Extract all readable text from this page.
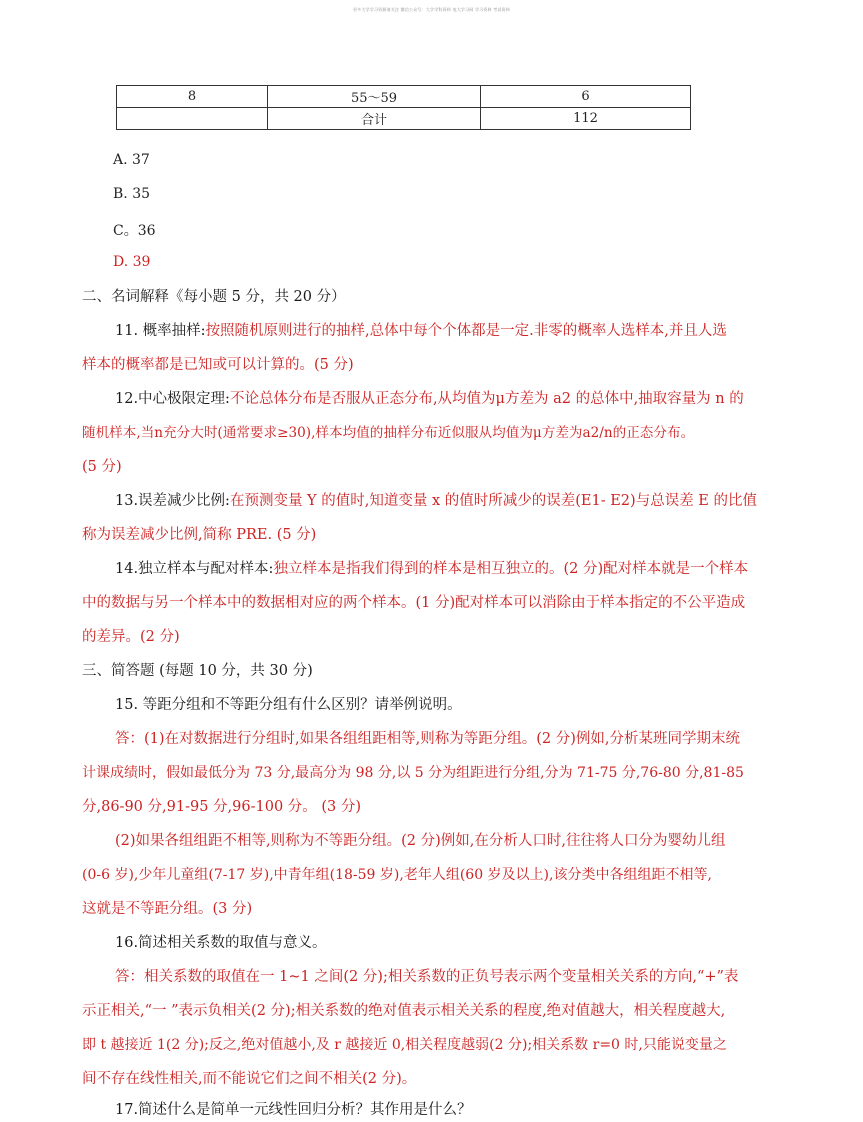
更多大学学习资源请关注 微信公众号：大学学科资料 电大学习网 学习资料 考试资料
8	55～59	6
	合计	112
A. 37
B. 35
C。36
D. 39
二、名词解释《每小题 5 分，共 20 分）
11. 概率抽样:按照随机原则进行的抽样,总体中每个个体都是一定.非零的概率人选样本,并且人选
样本的概率都是已知或可以计算的。(5 分)
12.中心极限定理:不论总体分布是否服从正态分布,从均值为μ方差为 a2 的总体中,抽取容量为 n 的
随机样本,当n充分大时(通常要求≥30),样本均值的抽样分布近似服从均值为μ方差为a2/n的正态分布。
(5 分)
13.误差减少比例:在预测变量 Y 的值时,知道变量 x 的值时所减少的误差(E1- E2)与总误差 E 的比值
称为误差减少比例,简称 PRE. (5 分)
14.独立样本与配对样本:独立样本是指我们得到的样本是相互独立的。(2 分)配对样本就是一个样本
中的数据与另一个样本中的数据相对应的两个样本。(1 分)配对样本可以消除由于样本指定的不公平造成
的差异。(2 分)
三、简答题 (每题 10 分，共 30 分)
15. 等距分组和不等距分组有什么区别？请举例说明。
答：(1)在对数据进行分组时,如果各组组距相等,则称为等距分组。(2 分)例如,分析某班同学期末统
计课成绩时，假如最低分为 73 分,最高分为 98 分,以 5 分为组距进行分组,分为 71-75 分,76-80 分,81-85
分,86-90 分,91-95 分,96-100 分。 (3 分)
(2)如果各组组距不相等,则称为不等距分组。(2 分)例如,在分析人口时,往往将人口分为婴幼儿组
(0-6 岁),少年儿童组(7-17 岁),中青年组(18-59 岁),老年人组(60 岁及以上),该分类中各组组距不相等,
这就是不等距分组。(3 分)
16.简述相关系数的取值与意义。
答：相关系数的取值在一 1~1 之间(2 分);相关系数的正负号表示两个变量相关关系的方向,“+”表
示正相关,“一 ”表示负相关(2 分);相关系数的绝对值表示相关关系的程度,绝对值越大，相关程度越大,
即 t 越接近 1(2 分);反之,绝对值越小,及 r 越接近 0,相关程度越弱(2 分);相关系数 r=0 时,只能说变量之
间不存在线性相关,而不能说它们之间不相关(2 分)。
17.简述什么是简单一元线性回归分析？其作用是什么？
